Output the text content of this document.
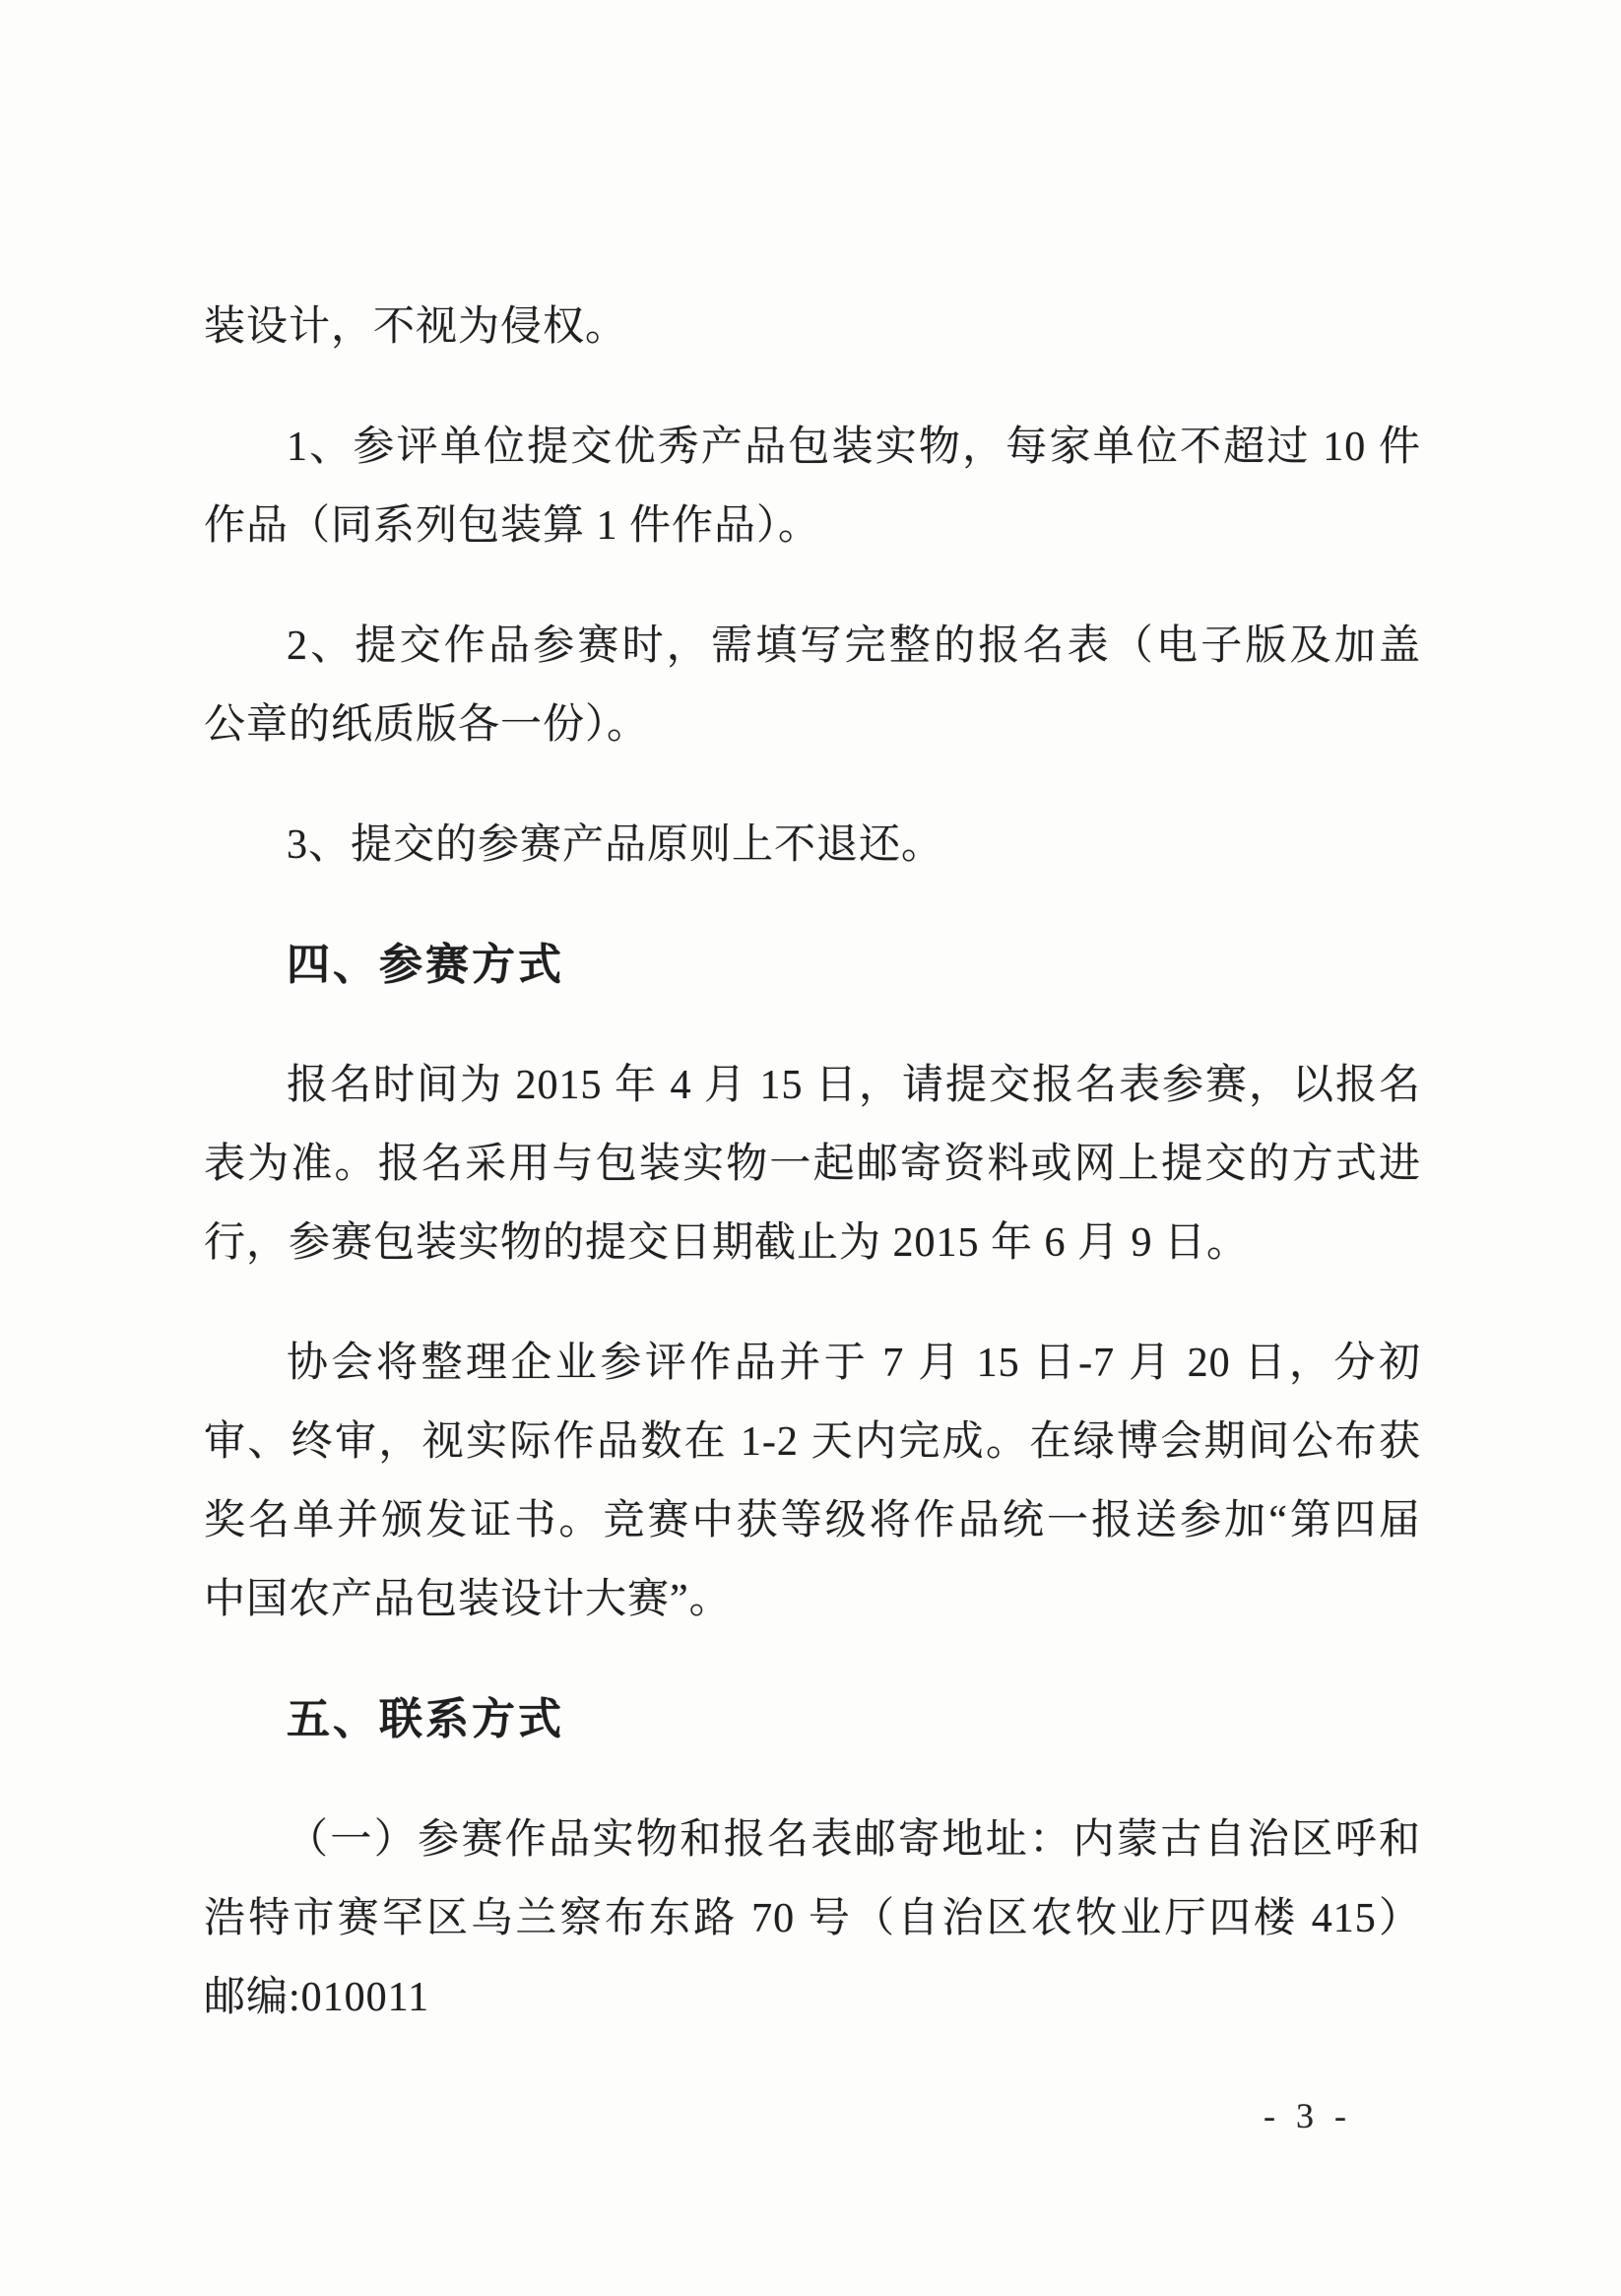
装设计，不视为侵权。

1、参评单位提交优秀产品包装实物，每家单位不超过 10 件
作品（同系列包装算 1 件作品）。

2、提交作品参赛时，需填写完整的报名表（电子版及加盖
公章的纸质版各一份）。

3、提交的参赛产品原则上不退还。

四、参赛方式

报名时间为 2015 年 4 月 15 日，请提交报名表参赛，以报名
表为准。报名采用与包装实物一起邮寄资料或网上提交的方式进
行，参赛包装实物的提交日期截止为 2015 年 6 月 9 日。

协会将整理企业参评作品并于 7 月 15 日-7 月 20 日，分初
审、终审，视实际作品数在 1-2 天内完成。在绿博会期间公布获
奖名单并颁发证书。竞赛中获等级将作品统一报送参加“第四届
中国农产品包装设计大赛”。

五、联系方式

（一）参赛作品实物和报名表邮寄地址：内蒙古自治区呼和
浩特市赛罕区乌兰察布东路 70 号（自治区农牧业厅四楼 415）
邮编:010011

- 3 -
